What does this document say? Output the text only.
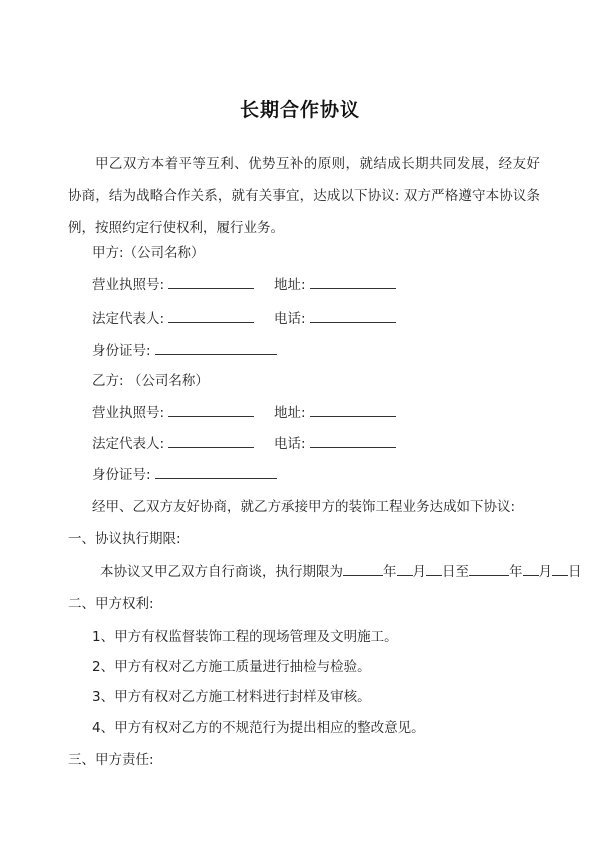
长期合作协议
甲乙双方本着平等互利、优势互补的原则，就结成长期共同发展，经友好协商，结为战略合作关系，就有关事宜，达成以下协议: 双方严格遵守本协议条例，按照约定行使权利，履行业务。
甲方:（公司名称）
营业执照号:	地址:
法定代表人:	电话:
身份证号:
乙方: （公司名称）
营业执照号:	地址:
法定代表人:	电话:
身份证号:
经甲、乙双方友好协商，就乙方承接甲方的装饰工程业务达成如下协议:
一、协议执行期限:
本协议又甲乙双方自行商谈，执行期限为	年 月 日至	年 月 日
二、甲方权利:
1、甲方有权监督装饰工程的现场管理及文明施工。
2、甲方有权对乙方施工质量进行抽检与检验。
3、甲方有权对乙方施工材料进行封样及审核。
4、甲方有权对乙方的不规范行为提出相应的整改意见。
三、甲方责任:
